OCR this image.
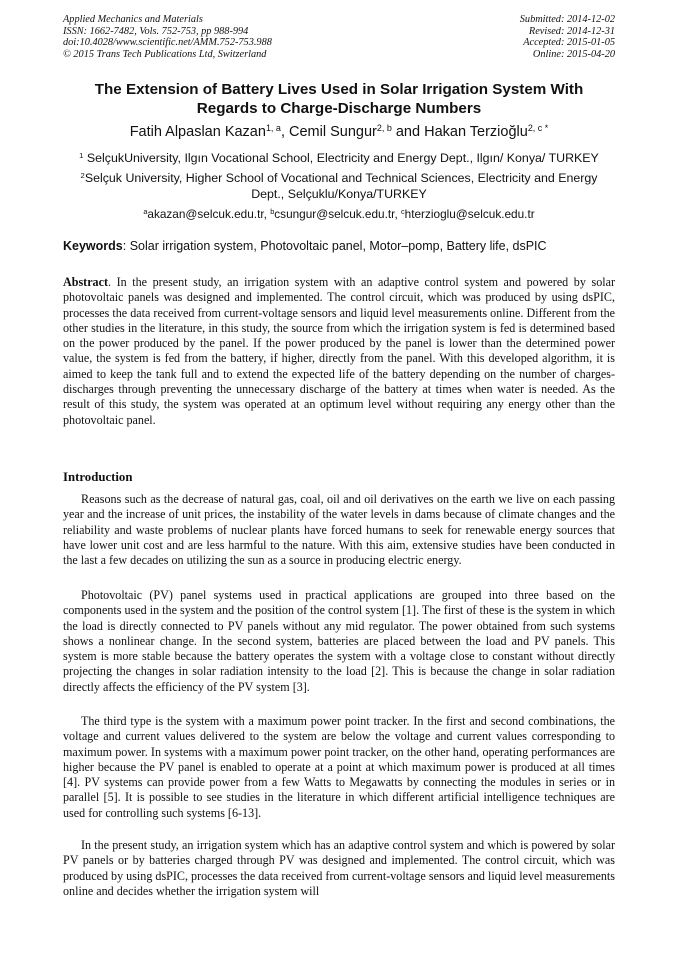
Applied Mechanics and Materials
ISSN: 1662-7482, Vols. 752-753, pp 988-994
doi:10.4028/www.scientific.net/AMM.752-753.988
© 2015 Trans Tech Publications Ltd, Switzerland
Submitted: 2014-12-02
Revised: 2014-12-31
Accepted: 2015-01-05
Online: 2015-04-20
The Extension of Battery Lives Used in Solar Irrigation System With Regards to Charge-Discharge Numbers
Fatih Alpaslan Kazan$^{1, a}$, Cemil Sungur$^{2, b}$ and Hakan Terzioğlu$^{2, c *}$
$^1$ SelçukUniversity, Ilgın Vocational School, Electricity and Energy Dept., Ilgın/ Konya/ TURKEY
$^2$Selçuk University, Higher School of Vocational and Technical Sciences, Electricity and Energy Dept., Selçuklu/Konya/TURKEY
$^a$akazan@selcuk.edu.tr, $^b$csungur@selcuk.edu.tr, $^c$hterzioglu@selcuk.edu.tr
Keywords: Solar irrigation system, Photovoltaic panel, Motor–pomp, Battery life, dsPIC
Abstract. In the present study, an irrigation system with an adaptive control system and powered by solar photovoltaic panels was designed and implemented. The control circuit, which was produced by using dsPIC, processes the data received from current-voltage sensors and liquid level measurements online. Different from the other studies in the literature, in this study, the source from which the irrigation system is fed is determined based on the power produced by the panel. If the power produced by the panel is lower than the determined power value, the system is fed from the battery, if higher, directly from the panel. With this developed algorithm, it is aimed to keep the tank full and to extend the expected life of the battery depending on the number of charges-discharges through preventing the unnecessary discharge of the battery at times when water is needed. As the result of this study, the system was operated at an optimum level without requiring any energy other than the photovoltaic panel.
Introduction
Reasons such as the decrease of natural gas, coal, oil and oil derivatives on the earth we live on each passing year and the increase of unit prices, the instability of the water levels in dams because of climate changes and the reliability and waste problems of nuclear plants have forced humans to seek for renewable energy sources that have lower unit cost and are less harmful to the nature. With this aim, extensive studies have been conducted in the last a few decades on utilizing the sun as a source in producing electric energy.
Photovoltaic (PV) panel systems used in practical applications are grouped into three based on the components used in the system and the position of the control system [1]. The first of these is the system in which the load is directly connected to PV panels without any mid regulator. The power obtained from such systems shows a nonlinear change. In the second system, batteries are placed between the load and PV panels. This system is more stable because the battery operates the system with a voltage close to constant without directly projecting the changes in solar radiation intensity to the load [2]. This is because the change in solar radiation directly affects the efficiency of the PV system [3].
The third type is the system with a maximum power point tracker. In the first and second combinations, the voltage and current values delivered to the system are below the voltage and current values corresponding to maximum power. In systems with a maximum power point tracker, on the other hand, operating performances are higher because the PV panel is enabled to operate at a point at which maximum power is produced at all times [4]. PV systems can provide power from a few Watts to Megawatts by connecting the modules in series or in parallel [5]. It is possible to see studies in the literature in which different artificial intelligence techniques are used for controlling such systems [6-13].
In the present study, an irrigation system which has an adaptive control system and which is powered by solar PV panels or by batteries charged through PV was designed and implemented. The control circuit, which was produced by using dsPIC, processes the data received from current-voltage sensors and liquid level measurements online and decides whether the irrigation system will
